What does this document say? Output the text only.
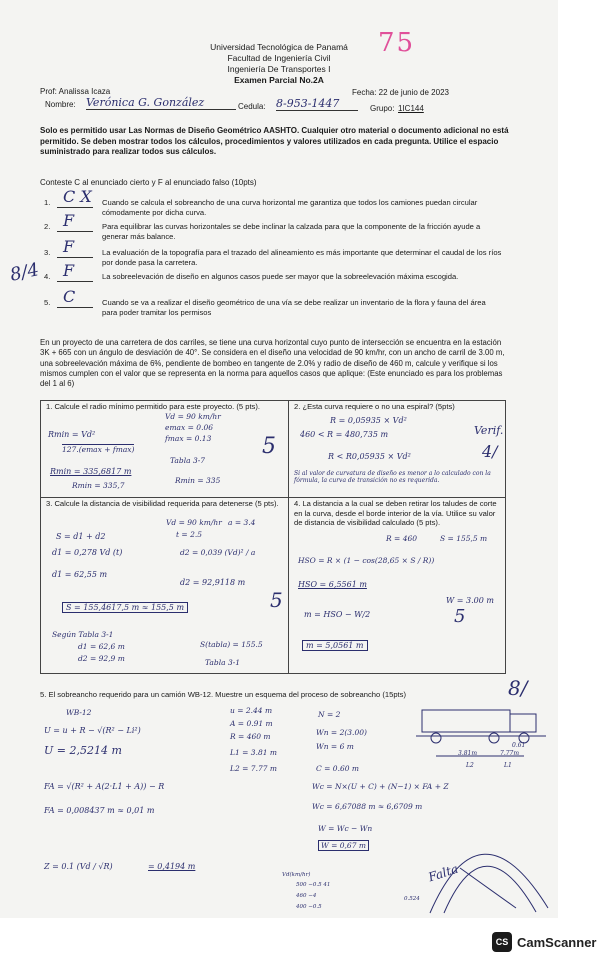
Universidad Tecnológica de Panamá
Facultad de Ingeniería Civil
Ingeniería De Transportes I
Examen Parcial No.2A
75
Prof: Analissa Icaza	Fecha: 22 de junio de 2023
Nombre: Verónica G. González	Cedula: 8-953-1447	Grupo: 1IC144
Solo es permitido usar Las Normas de Diseño Geométrico AASHTO. Cualquier otro material o documento adicional no está permitido. Se deben mostrar todos los cálculos, procedimientos y valores utilizados en cada pregunta. Utilice el espacio suministrado para realizar todos sus cálculos.
Conteste C al enunciado cierto y F al enunciado falso (10pts)
8/4
1. C X Cuando se calcula el sobreancho de una curva horizontal me garantiza que todos los camiones puedan circular cómodamente por dicha curva.
2. F	Para equilibrar las curvas horizontales se debe inclinar la calzada para que la componente de la fricción ayude a generar más balance.
3. F	La evaluación de la topografía para el trazado del alineamiento es más importante que determinar el caudal de los ríos por donde pasa la carretera.
4. F	La sobreelevación de diseño en algunos casos puede ser mayor que la sobreelevación máxima escogida.
5. C	Cuando se va a realizar el diseño geométrico de una vía se debe realizar un inventario de la flora y fauna del área para poder tramitar los permisos
En un proyecto de una carretera de dos carriles, se tiene una curva horizontal cuyo punto de intersección se encuentra en la estación 3K + 665 con un ángulo de desviación de 40°. Se considera en el diseño una velocidad de 90 km/hr, con un ancho de carril de 3.00 m, una sobreelevación máxima de 6%, pendiente de bombeo en tangente de 2.0% y radio de diseño de 460 m, calcule y verifique si los mismos cumplen con el valor que se representa en la norma para aquellos casos que aplique: (Este enunciado es para los problemas del 1 al 6)
1. Calcule el radio mínimo permitido para este proyecto. (5 pts).
Vd = 90 km/hr
emax = 0.06
fmax = 0.13
Rmin = Vd²
127.(emax + fmax)
Tabla 3-7
Rmin = 335,6817 m
Rmin = 335
Rmin = 335,7
5
2. ¿Esta curva requiere o no una espiral? (5pts)
R = 0,05935 × Vd²
460 < R = 480,735 m
R < R0,05935 × Vd²
Si al valor de curvatura de diseño es menor a lo calculado con la fórmula, la curva de transición no es requerida.
Verif.
4/
3. Calcule la distancia de visibilidad requerida para detenerse (5 pts).
Vd = 90 km/hr a = 3.4
t = 2.5
S = d1 + d2
d1 = 0,278 Vd (t)	d2 = 0,039 (Vd)² / a
d1 = 62,55 m
d2 = 92,9118 m
S = 155,4617,5 m ≈ 155,5 m
Según Tabla 3-1
d1 = 62,6 m
d2 = 92,9 m
S(tabla) = 155.5
Tabla 3-1
5
4. La distancia a la cual se deben retirar los taludes de corte en la curva, desde el borde interior de la vía. Utilice su valor de distancia de visibilidad calculado (5 pts).
R = 460	S = 155,5 m
HSO = R × (1 − cos(28,65 × S / R))
HSO = 6,5561 m
W = 3.00 m
m = HSO − W/2
m = 5,0561 m
5
5. El sobreancho requerido para un camión WB-12. Muestre un esquema del proceso de sobreancho (15pts)	8/
WB-12
U = u + R − √(R² − Li²)
U = 2,5214 m
u = 2.44 m
A = 0.91 m
R = 460 m
L1 = 3.81 m
L2 = 7.77 m
N = 2
Wn = 2(3.00)
Wn = 6 m
C = 0.60 m
FA = √(R² + A(2·L1 + A)) − R
FA = 0,008437 m ≈ 0,01 m
Wc = N×(U + C) + (N−1) × FA + Z
Wc = 6,67088 m ≈ 6,6709 m
W = Wc − Wn
W = 0,67 m
Z = 0.1 (Vd / √R)	= 0,4194 m	Falta
0.61
3.81m	7.77m
L2	L1
Vd(km/hr)
500 −0.5 41
460 −4
400 −0.5
0.524
CS CamScanner
